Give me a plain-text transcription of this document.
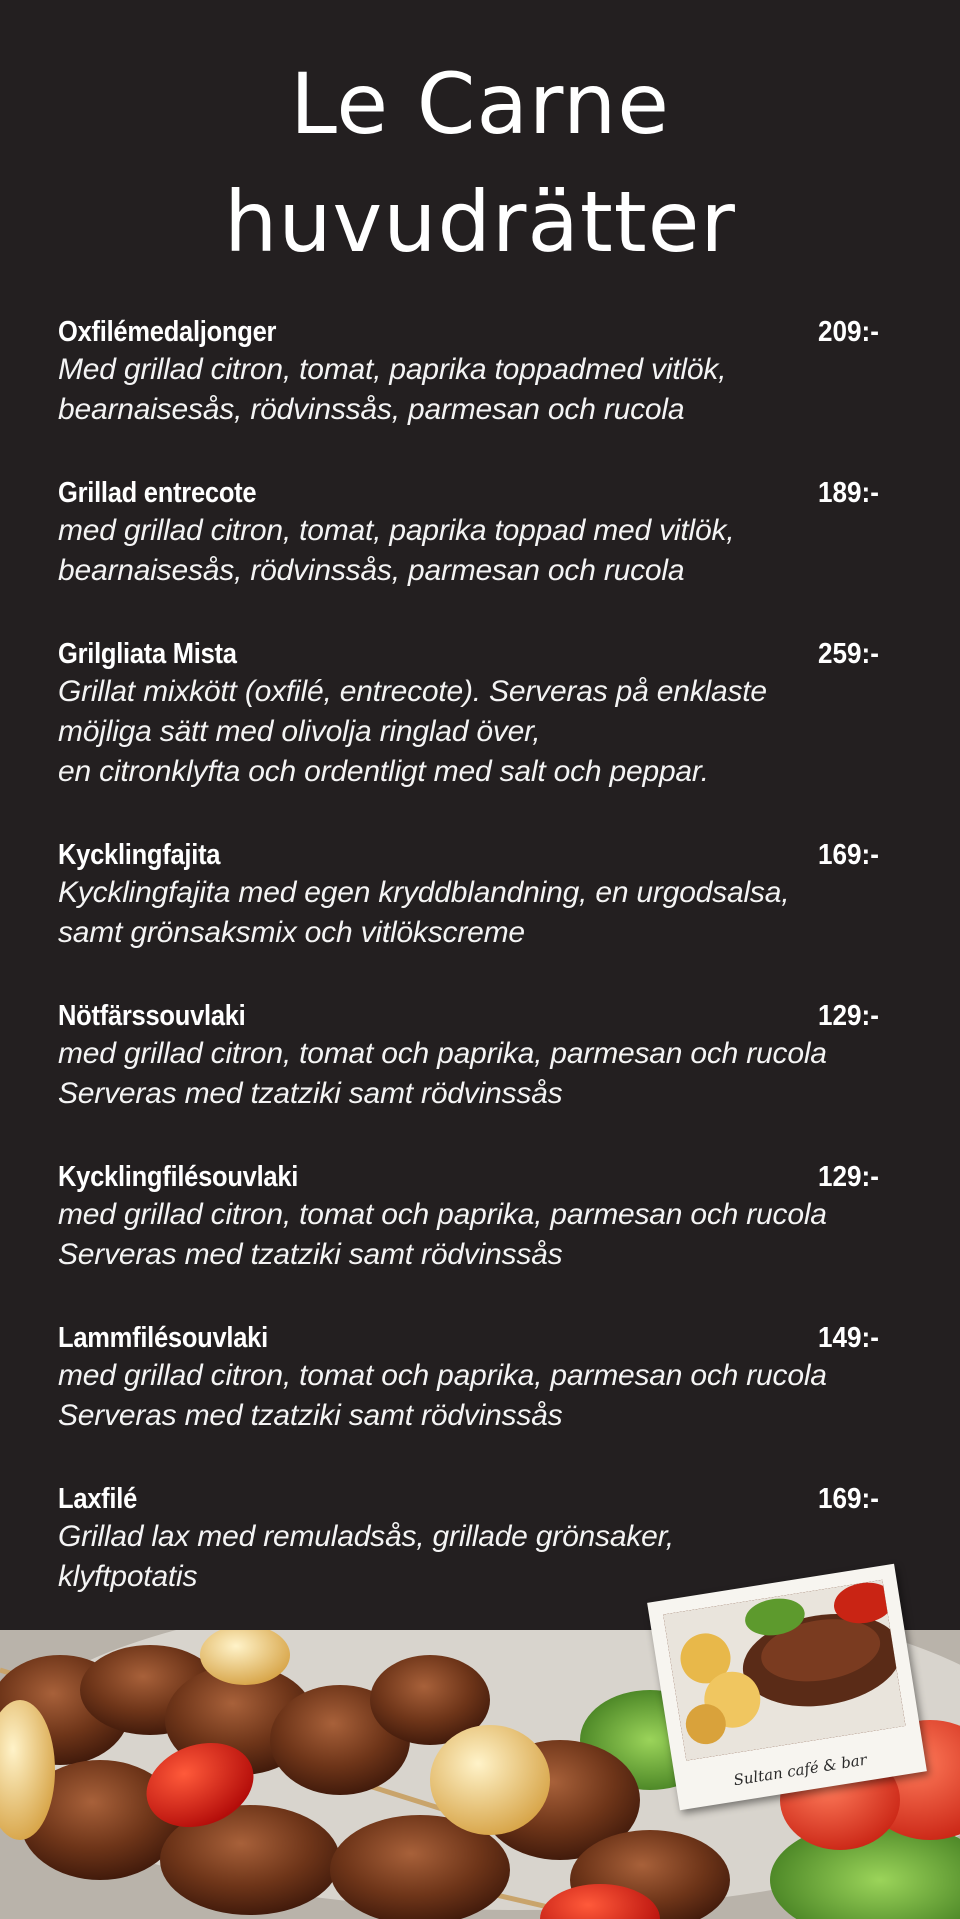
Le Carne
huvudrätter
Oxfilémedaljonger	209:-
Med grillad citron, tomat, paprika toppadmed vitlök,
bearnaisesås, rödvinssås, parmesan och rucola
Grillad entrecote	189:-
med grillad citron, tomat, paprika toppad med vitlök,
bearnaisesås, rödvinssås, parmesan och rucola
Grilgliata Mista	259:-
Grillat mixkött (oxfilé, entrecote). Serveras på enklaste
möjliga sätt med olivolja ringlad över,
en citronklyfta och ordentligt med salt och peppar.
Kycklingfajita	169:-
Kycklingfajita med egen kryddblandning, en urgodsalsa,
samt grönsaksmix och vitlökscreme
Nötfärssouvlaki	129:-
med grillad citron, tomat och paprika, parmesan och rucola
Serveras med tzatziki samt rödvinssås
Kycklingfilésouvlaki	129:-
med grillad citron, tomat och paprika, parmesan och rucola
Serveras med tzatziki samt rödvinssås
Lammfilésouvlaki	149:-
med grillad citron, tomat och paprika, parmesan och rucola
Serveras med tzatziki samt rödvinssås
Laxfilé	169:-
Grillad lax med remuladsås, grillade grönsaker,
klyftpotatis
Sultan café & bar
